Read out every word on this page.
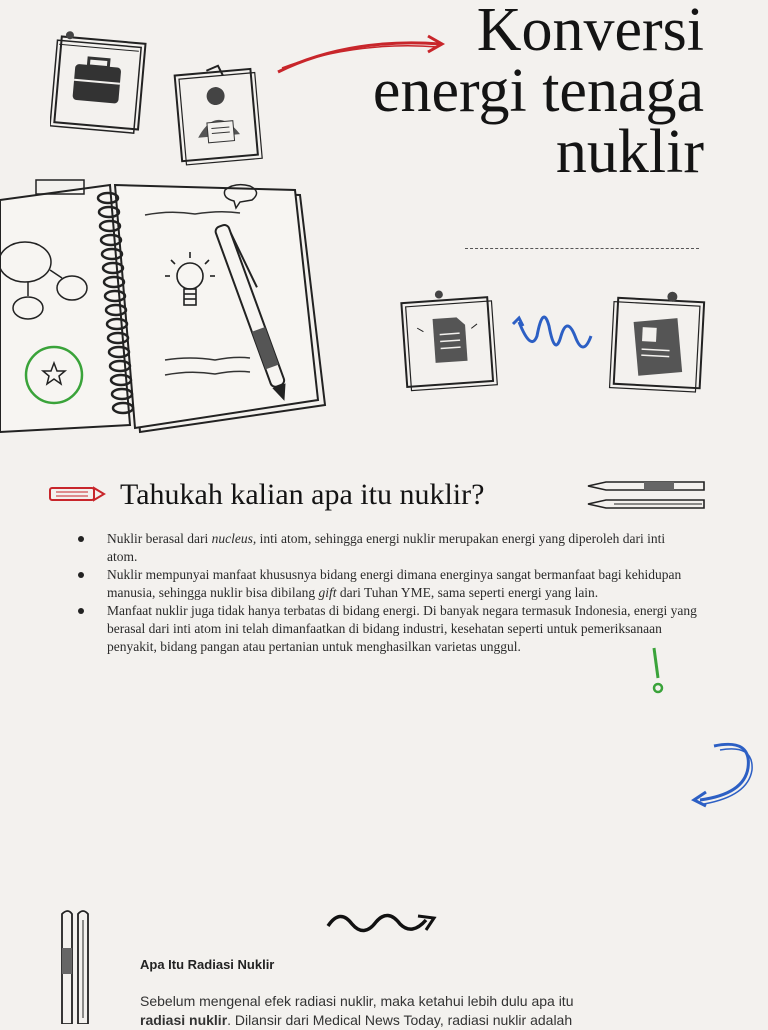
Konversi
energi tenaga
nuklir
Tahukah kalian apa itu nuklir?
Nuklir berasal dari nucleus, inti atom, sehingga energi nuklir merupakan energi yang diperoleh dari inti atom.
Nuklir mempunyai manfaat khususnya bidang energi dimana energinya sangat bermanfaat bagi kehidupan manusia, sehingga nuklir bisa dibilang gift dari Tuhan YME, sama seperti energi yang lain.
Manfaat nuklir juga tidak hanya terbatas di bidang energi. Di banyak negara termasuk Indonesia, energi yang berasal dari inti atom ini telah dimanfaatkan di bidang industri, kesehatan seperti untuk pemeriksanaan penyakit, bidang pangan atau pertanian untuk menghasilkan varietas unggul.
Apa Itu Radiasi Nuklir
Sebelum mengenal efek radiasi nuklir, maka ketahui lebih dulu apa itu radiasi nuklir. Dilansir dari Medical News Today, radiasi nuklir adalah
